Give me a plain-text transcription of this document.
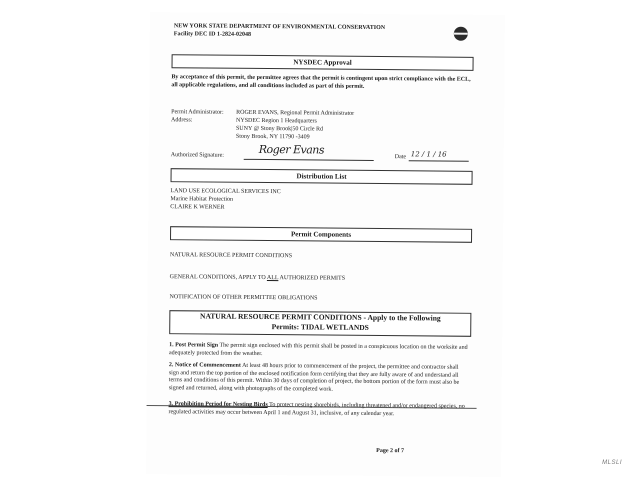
NEW YORK STATE DEPARTMENT OF ENVIRONMENTAL CONSERVATION
Facility DEC ID 1-2824-02048
NYSDEC Approval
By acceptance of this permit, the permittee agrees that the permit is contingent upon strict compliance with the ECL, all applicable regulations, and all conditions included as part of this permit.
Permit Administrator: ROGER EVANS, Regional Permit Administrator
Address:	NYSDEC Region 1 Headquarters
SUNY @ Stony Brook|50 Circle Rd
Stony Brook, NY 11790 -3409
Authorized Signature:	Roger Evans
Date 12 / 1 / 16
Distribution List
LAND USE ECOLOGICAL SERVICES INC
Marine Habitat Protection
CLAIRE K WERNER
Permit Components
NATURAL RESOURCE PERMIT CONDITIONS
GENERAL CONDITIONS, APPLY TO ALL AUTHORIZED PERMITS
NOTIFICATION OF OTHER PERMITTEE OBLIGATIONS
NATURAL RESOURCE PERMIT CONDITIONS - Apply to the Following
Permits: TIDAL WETLANDS
1. Post Permit Sign The permit sign enclosed with this permit shall be posted in a conspicuous location on the worksite and adequately protected from the weather.
2. Notice of Commencement At least 48 hours prior to commencement of the project, the permittee and contractor shall sign and return the top portion of the enclosed notification form certifying that they are fully aware of and understand all terms and conditions of this permit. Within 30 days of completion of project, the bottom portion of the form must also be signed and returned, along with photographs of the completed work.
3. Prohibition Period for Nesting Birds To protect nesting shorebirds, including threatened and/or endangered species, no regulated activities may occur between April 1 and August 31, inclusive, of any calendar year.
Page 2 of 7
MLSLI
